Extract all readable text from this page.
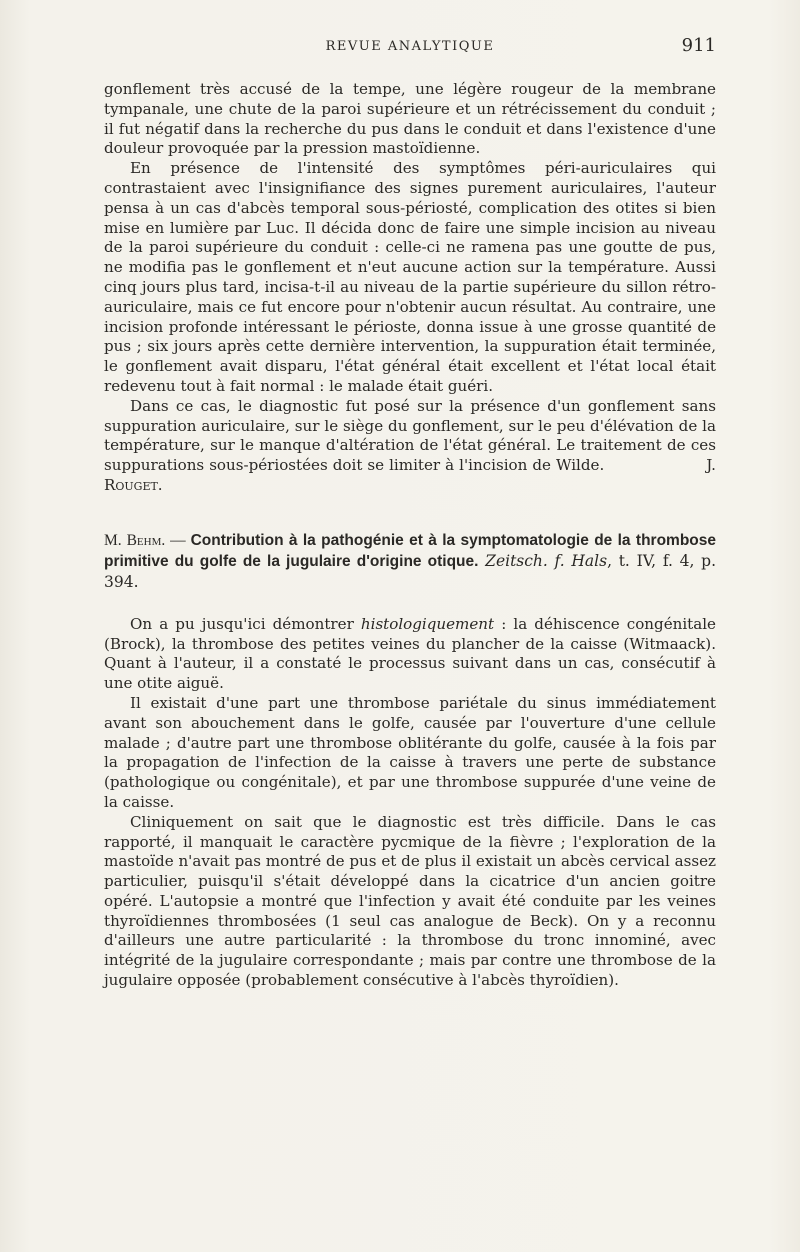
REVUE ANALYTIQUE	911

gonflement très accusé de la tempe, une légère rougeur de la membrane tympanale, une chute de la paroi supérieure et un rétrécissement du conduit ; il fut négatif dans la recherche du pus dans le conduit et dans l'existence d'une douleur provoquée par la pression mastoïdienne.

En présence de l'intensité des symptômes péri-auriculaires qui contrastaient avec l'insignifiance des signes purement auriculaires, l'auteur pensa à un cas d'abcès temporal sous-périosté, complication des otites si bien mise en lumière par Luc. Il décida donc de faire une simple incision au niveau de la paroi supérieure du conduit : celle-ci ne ramena pas une goutte de pus, ne modifia pas le gonflement et n'eut aucune action sur la température. Aussi cinq jours plus tard, incisa-t-il au niveau de la partie supérieure du sillon rétro-auriculaire, mais ce fut encore pour n'obtenir aucun résultat. Au contraire, une incision profonde intéressant le périoste, donna issue à une grosse quantité de pus ; six jours après cette dernière intervention, la suppuration était terminée, le gonflement avait disparu, l'état général était excellent et l'état local était redevenu tout à fait normal : le malade était guéri.

Dans ce cas, le diagnostic fut posé sur la présence d'un gonflement sans suppuration auriculaire, sur le siège du gonflement, sur le peu d'élévation de la température, sur le manque d'altération de l'état général. Le traitement de ces suppurations sous-périostées doit se limiter à l'incision de Wilde.	J. Rouget.

M. Behm. — Contribution à la pathogénie et à la symptomatologie de la thrombose primitive du golfe de la jugulaire d'origine otique. Zeitsch. f. Hals, t. IV, f. 4, p. 394.

On a pu jusqu'ici démontrer histologiquement : la déhiscence congénitale (Brock), la thrombose des petites veines du plancher de la caisse (Witmaack). Quant à l'auteur, il a constaté le processus suivant dans un cas, consécutif à une otite aiguë.

Il existait d'une part une thrombose pariétale du sinus immédiatement avant son abouchement dans le golfe, causée par l'ouverture d'une cellule malade ; d'autre part une thrombose oblitérante du golfe, causée à la fois par la propagation de l'infection de la caisse à travers une perte de substance (pathologique ou congénitale), et par une thrombose suppurée d'une veine de la caisse.

Cliniquement on sait que le diagnostic est très difficile. Dans le cas rapporté, il manquait le caractère pycmique de la fièvre ; l'exploration de la mastoïde n'avait pas montré de pus et de plus il existait un abcès cervical assez particulier, puisqu'il s'était développé dans la cicatrice d'un ancien goitre opéré. L'autopsie a montré que l'infection y avait été conduite par les veines thyroïdiennes thrombosées (1 seul cas analogue de Beck). On y a reconnu d'ailleurs une autre particularité : la thrombose du tronc innominé, avec intégrité de la jugulaire correspondante ; mais par contre une thrombose de la jugulaire opposée (probablement consécutive à l'abcès thyroïdien).
